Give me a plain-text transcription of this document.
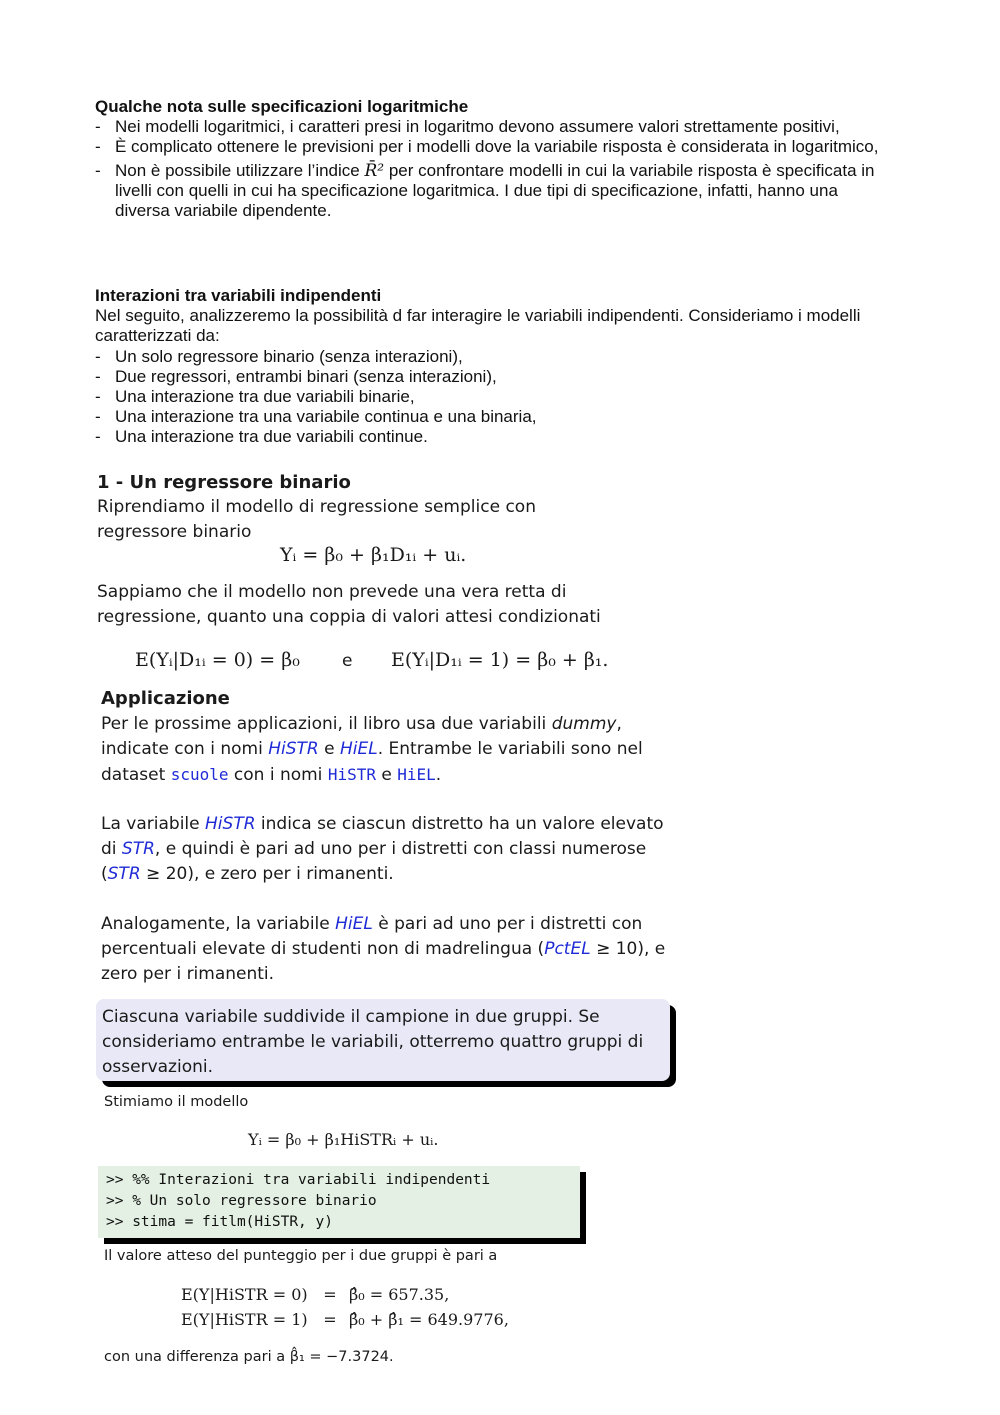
Qualche nota sulle specificazioni logaritmiche
- Nei modelli logaritmici, i caratteri presi in logaritmo devono assumere valori strettamente positivi,
- È complicato ottenere le previsioni per i modelli dove la variabile risposta è considerata in logaritmico,
- Non è possibile utilizzare l’indice R̄² per confrontare modelli in cui la variabile risposta è specificata in livelli con quelli in cui ha specificazione logaritmica. I due tipi di specificazione, infatti, hanno una diversa variabile dipendente.
Interazioni tra variabili indipendenti
Nel seguito, analizzeremo la possibilità d far interagire le variabili indipendenti. Consideriamo i modelli caratterizzati da:
- Un solo regressore binario (senza interazioni),
- Due regressori, entrambi binari (senza interazioni),
- Una interazione tra due variabili binarie,
- Una interazione tra una variabile continua e una binaria,
- Una interazione tra due variabili continue.
1 - Un regressore binario
Riprendiamo il modello di regressione semplice con regressore binario
Yᵢ = β₀ + β₁D₁ᵢ + uᵢ.
Sappiamo che il modello non prevede una vera retta di regressione, quanto una coppia di valori attesi condizionati
E(Yᵢ|D₁ᵢ = 0) = β₀ e E(Yᵢ|D₁ᵢ = 1) = β₀ + β₁.
Applicazione
Per le prossime applicazioni, il libro usa due variabili dummy,
indicate con i nomi HiSTR e HiEL. Entrambe le variabili sono nel
dataset scuole con i nomi HiSTR e HiEL.
La variabile HiSTR indica se ciascun distretto ha un valore elevato
di STR, e quindi è pari ad uno per i distretti con classi numerose
(STR ≥ 20), e zero per i rimanenti.
Analogamente, la variabile HiEL è pari ad uno per i distretti con
percentuali elevate di studenti non di madrelingua (PctEL ≥ 10), e
zero per i rimanenti.
Ciascuna variabile suddivide il campione in due gruppi. Se consideriamo entrambe le variabili, otterremo quattro gruppi di osservazioni.
Stimiamo il modello
Yᵢ = β₀ + β₁HiSTRᵢ + uᵢ.
>> %% Interazioni tra variabili indipendenti
>> % Un solo regressore binario
>> stima = fitlm(HiSTR, y)
Il valore atteso del punteggio per i due gruppi è pari a
E(Y|HiSTR = 0) = β̂₀ = 657.35,
E(Y|HiSTR = 1) = β̂₀ + β̂₁ = 649.9776,
con una differenza pari a β̂₁ = −7.3724.
